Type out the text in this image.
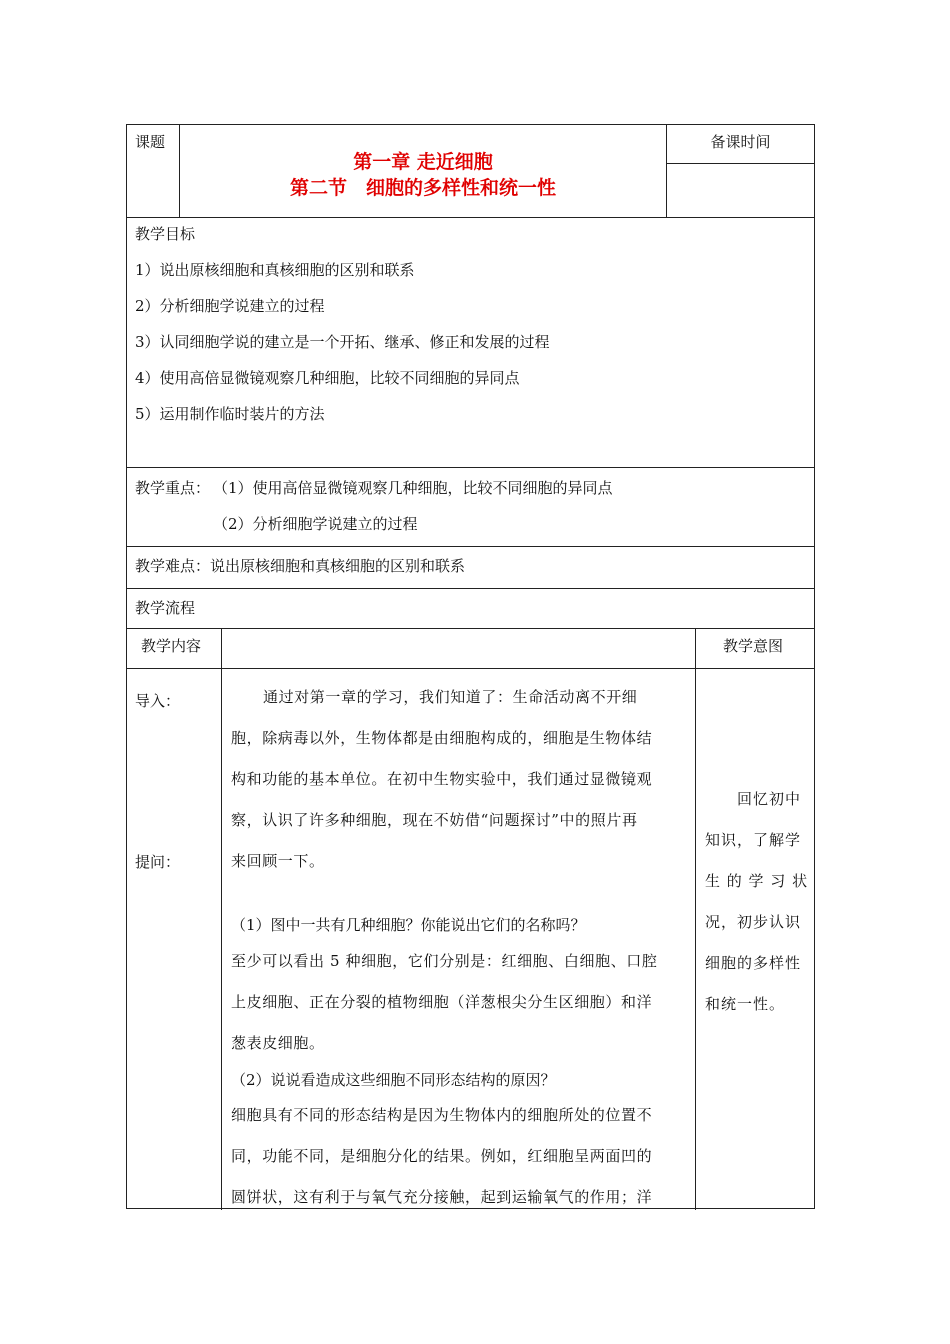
课题
第一章 走近细胞
第二节　细胞的多样性和统一性
备课时间
教学目标
1）说出原核细胞和真核细胞的区别和联系
2）分析细胞学说建立的过程
3）认同细胞学说的建立是一个开拓、继承、修正和发展的过程
4）使用高倍显微镜观察几种细胞，比较不同细胞的异同点
5）运用制作临时装片的方法
教学重点： （1）使用高倍显微镜观察几种细胞，比较不同细胞的异同点
（2）分析细胞学说建立的过程
教学难点：说出原核细胞和真核细胞的区别和联系
教学流程
教学内容	教学意图
导入：
提问：
通过对第一章的学习，我们知道了：生命活动离不开细
胞，除病毒以外，生物体都是由细胞构成的，细胞是生物体结
构和功能的基本单位。在初中生物实验中，我们通过显微镜观
察，认识了许多种细胞，现在不妨借“问题探讨”中的照片再
来回顾一下。
（1）图中一共有几种细胞？你能说出它们的名称吗？
至少可以看出 5 种细胞，它们分别是：红细胞、白细胞、口腔
上皮细胞、正在分裂的植物细胞（洋葱根尖分生区细胞）和洋
葱表皮细胞。
（2）说说看造成这些细胞不同形态结构的原因？
细胞具有不同的形态结构是因为生物体内的细胞所处的位置不
同，功能不同，是细胞分化的结果。例如，红细胞呈两面凹的
圆饼状，这有利于与氧气充分接触，起到运输氧气的作用；洋
回忆初中
知识，了解学
生 的 学 习 状
况，初步认识
细胞的多样性
和统一性。
